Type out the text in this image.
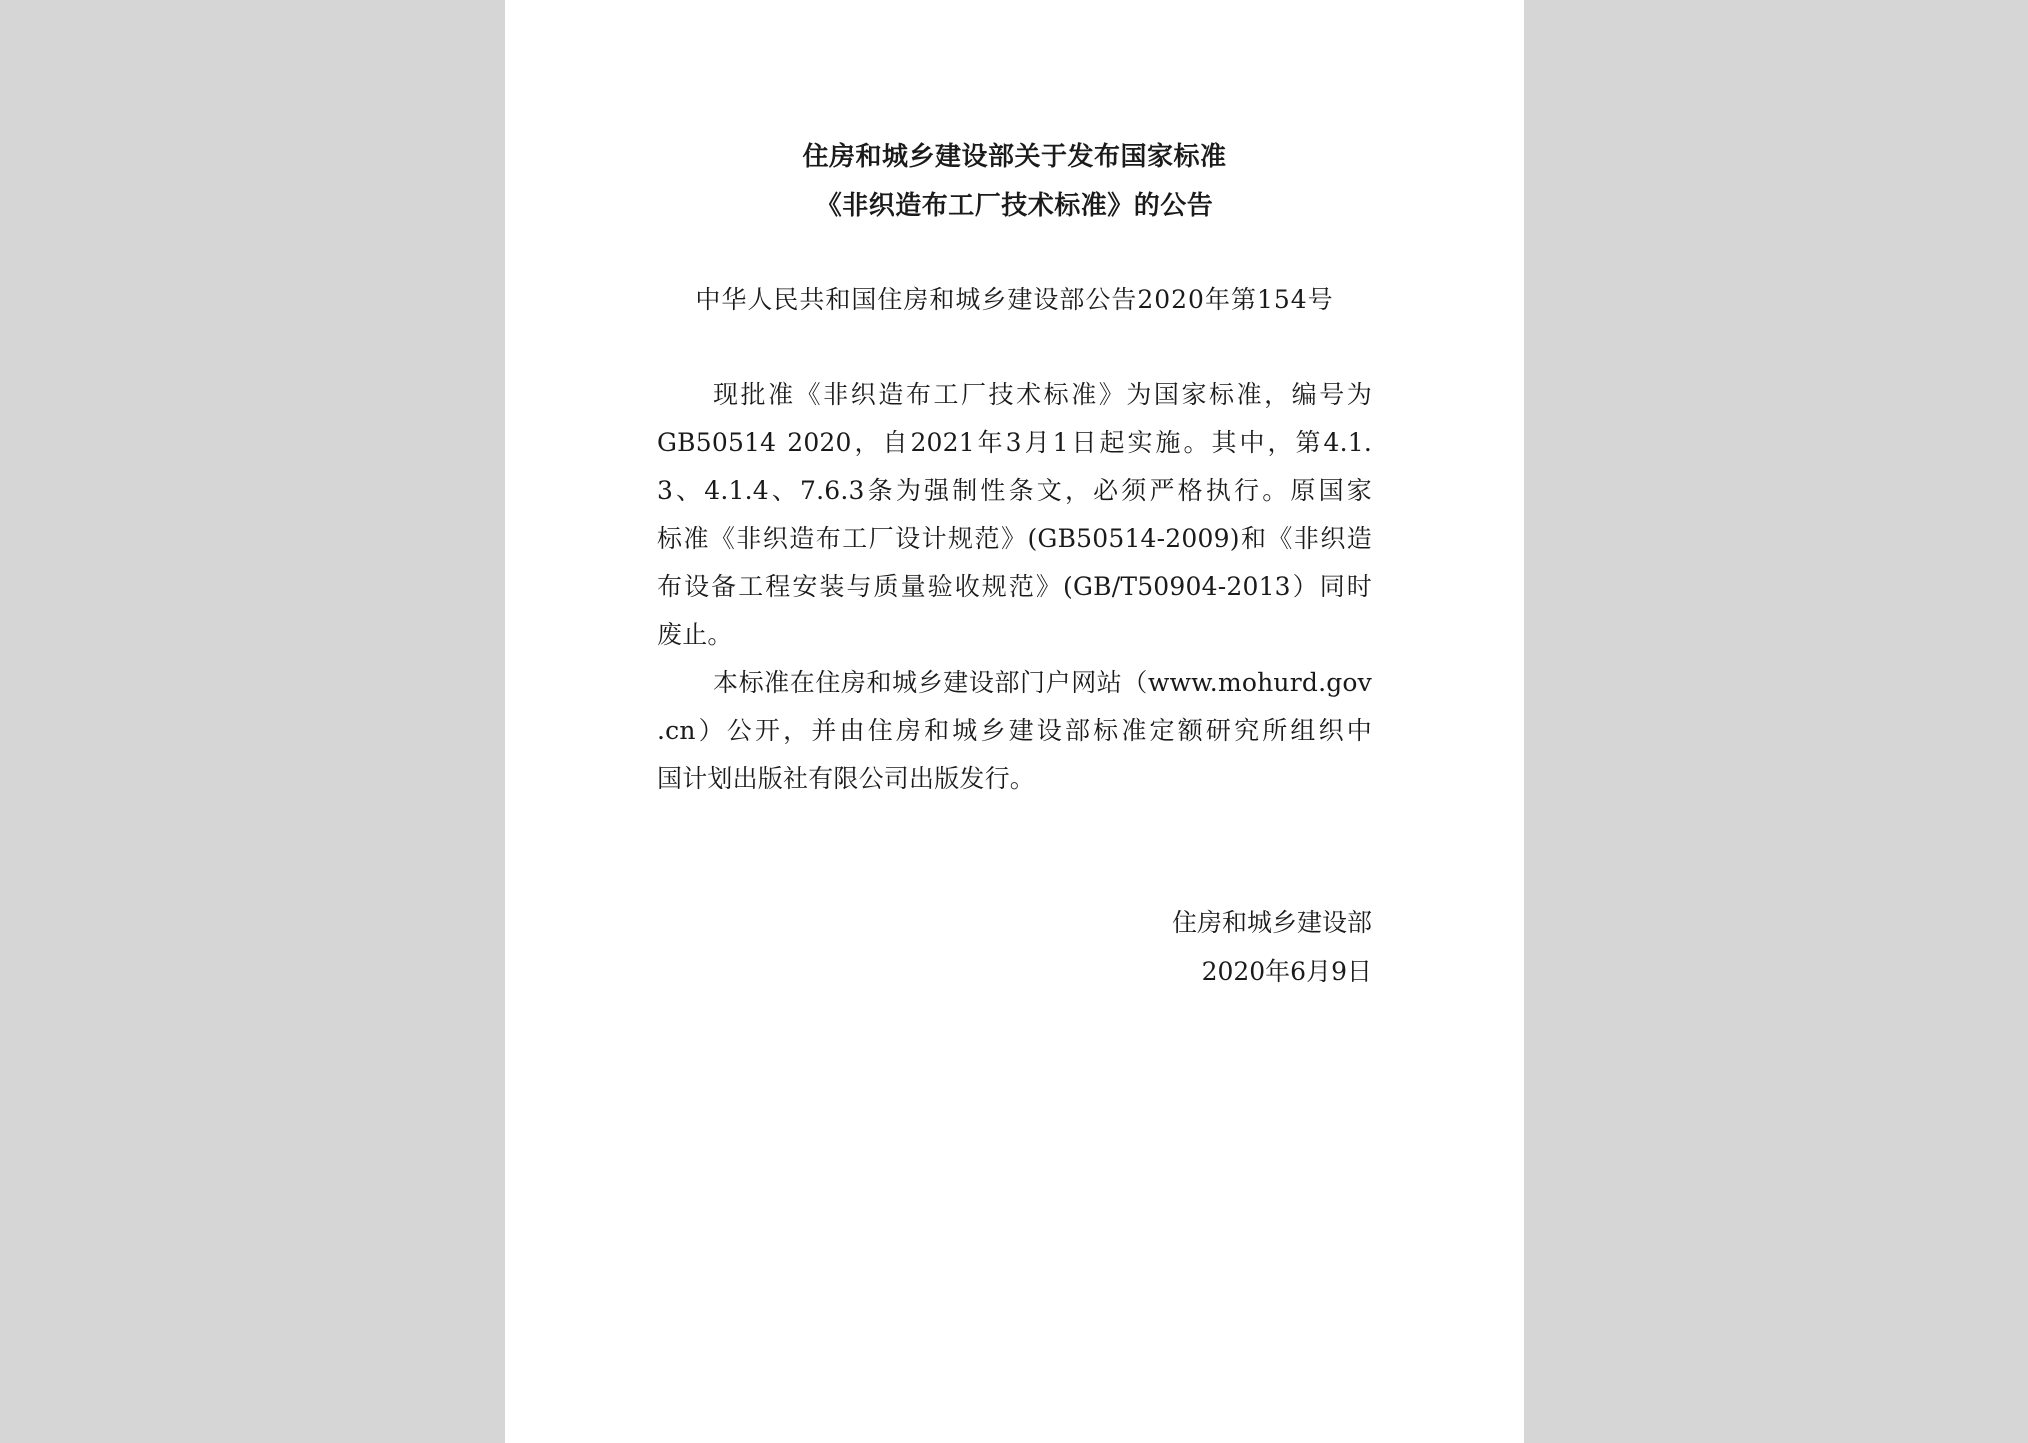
住房和城乡建设部关于发布国家标准
《非织造布工厂技术标准》的公告
中华人民共和国住房和城乡建设部公告2020年第154号
现批准《非织造布工厂技术标准》为国家标准，编号为
GB50514 2020，自2021年3月1日起实施。其中，第4.1.
3、4.1.4、7.6.3条为强制性条文，必须严格执行。原国家
标准《非织造布工厂设计规范》(GB50514-2009)和《非织造
布设备工程安装与质量验收规范》(GB/T50904-2013）同时
废止。
本标准在住房和城乡建设部门户网站（www.mohurd.gov
.cn）公开，并由住房和城乡建设部标准定额研究所组织中
国计划出版社有限公司出版发行。
住房和城乡建设部
2020年6月9日
